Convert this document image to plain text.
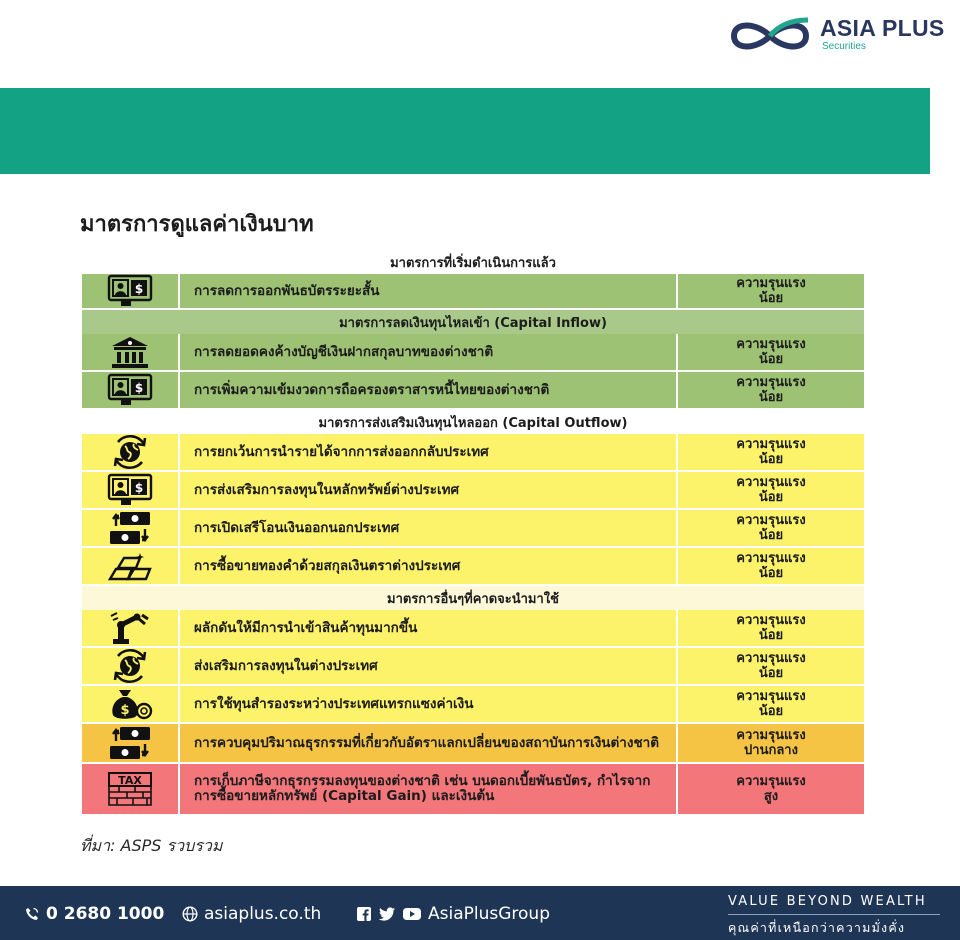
ASIA PLUS
Securities
มาตรการดูแลค่าเงินบาท
มาตรการที่เริ่มดำเนินการแล้ว
$	การลดการออกพันธบัตรระยะสั้น	ความรุนแรง
น้อย
มาตรการลดเงินทุนไหลเข้า (Capital Inflow)
การลดยอดคงค้างบัญชีเงินฝากสกุลบาทของต่างชาติ	ความรุนแรง
น้อย
$	การเพิ่มความเข้มงวดการถือครองตราสารหนี้ไทยของต่างชาติ	ความรุนแรง
น้อย
มาตรการส่งเสริมเงินทุนไหลออก (Capital Outflow)
การยกเว้นการนำรายได้จากการส่งออกกลับประเทศ	ความรุนแรง
น้อย
$	การส่งเสริมการลงทุนในหลักทรัพย์ต่างประเทศ	ความรุนแรง
น้อย
การเปิดเสรีโอนเงินออกนอกประเทศ	ความรุนแรง
น้อย
การซื้อขายทองคำด้วยสกุลเงินตราต่างประเทศ	ความรุนแรง
น้อย
มาตรการอื่นๆที่คาดจะนำมาใช้
ผลักดันให้มีการนำเข้าสินค้าทุนมากขึ้น	ความรุนแรง
น้อย
ส่งเสริมการลงทุนในต่างประเทศ	ความรุนแรง
น้อย
$	การใช้ทุนสำรองระหว่างประเทศแทรกแซงค่าเงิน	ความรุนแรง
น้อย
การควบคุมปริมาณธุรกรรมที่เกี่ยวกับอัตราแลกเปลี่ยนของสถาบันการเงินต่างชาติ	ความรุนแรง
ปานกลาง
TAX	การเก็บภาษีจากธุรกรรมลงทุนของต่างชาติ เช่น บนดอกเบี้ยพันธบัตร, กำไรจากการซื้อขายหลักทรัพย์ (Capital Gain) และเงินต้น
ความรุนแรง
สูง
ที่มา: ASPS รวบรวม
0 2680 1000 asiaplus.co.th	AsiaPlusGroup
VALUE BEYOND WEALTH
คุณค่าที่เหนือกว่าความมั่งคั่ง
